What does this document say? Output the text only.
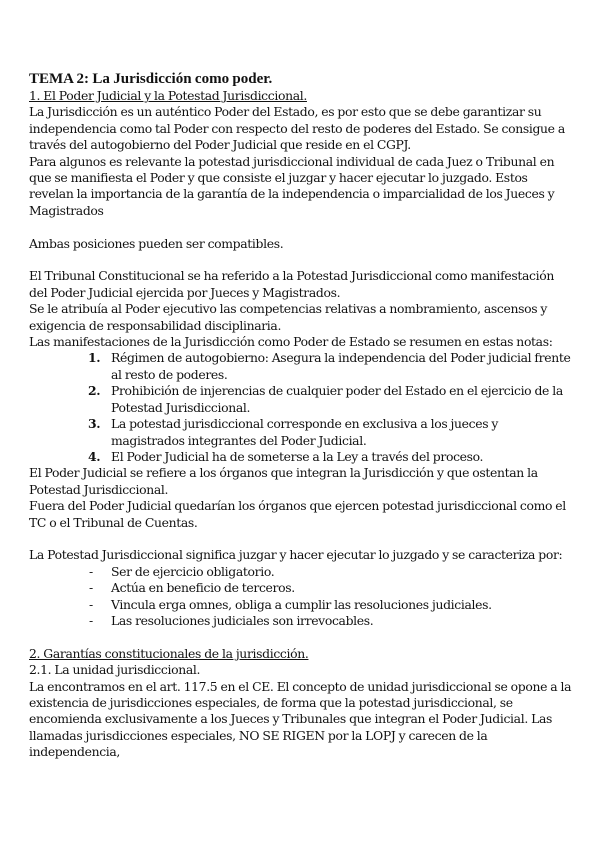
TEMA 2: La Jurisdicción como poder.

1. El Poder Judicial y la Potestad Jurisdiccional.

La Jurisdicción es un auténtico Poder del Estado, es por esto que se debe garantizar su independencia como tal Poder con respecto del resto de poderes del Estado. Se consigue a través del autogobierno del Poder Judicial que reside en el CGPJ.

Para algunos es relevante la potestad jurisdiccional individual de cada Juez o Tribunal en que se manifiesta el Poder y que consiste el juzgar y hacer ejecutar lo juzgado. Estos revelan la importancia de la garantía de la independencia o imparcialidad de los Jueces y Magistrados

Ambas posiciones pueden ser compatibles.

El Tribunal Constitucional se ha referido a la Potestad Jurisdiccional como manifestación del Poder Judicial ejercida por Jueces y Magistrados.

Se le atribuía al Poder ejecutivo las competencias relativas a nombramiento, ascensos y exigencia de responsabilidad disciplinaria.

Las manifestaciones de la Jurisdicción como Poder de Estado se resumen en estas notas:

1. Régimen de autogobierno: Asegura la independencia del Poder judicial frente al resto de poderes.
2. Prohibición de injerencias de cualquier poder del Estado en el ejercicio de la Potestad Jurisdiccional.
3. La potestad jurisdiccional corresponde en exclusiva a los jueces y magistrados integrantes del Poder Judicial.
4. El Poder Judicial ha de someterse a la Ley a través del proceso.

El Poder Judicial se refiere a los órganos que integran la Jurisdicción y que ostentan la Potestad Jurisdiccional.

Fuera del Poder Judicial quedarían los órganos que ejercen potestad jurisdiccional como el TC o el Tribunal de Cuentas.

La Potestad Jurisdiccional significa juzgar y hacer ejecutar lo juzgado y se caracteriza por:

- Ser de ejercicio obligatorio.
- Actúa en beneficio de terceros.
- Vincula erga omnes, obliga a cumplir las resoluciones judiciales.
- Las resoluciones judiciales son irrevocables.

2. Garantías constitucionales de la jurisdicción.

2.1. La unidad jurisdiccional.

La encontramos en el art. 117.5 en el CE. El concepto de unidad jurisdiccional se opone a la existencia de jurisdicciones especiales, de forma que la potestad jurisdiccional, se encomienda exclusivamente a los Jueces y Tribunales que integran el Poder Judicial. Las llamadas jurisdicciones especiales, NO SE RIGEN por la LOPJ y carecen de la independencia,
